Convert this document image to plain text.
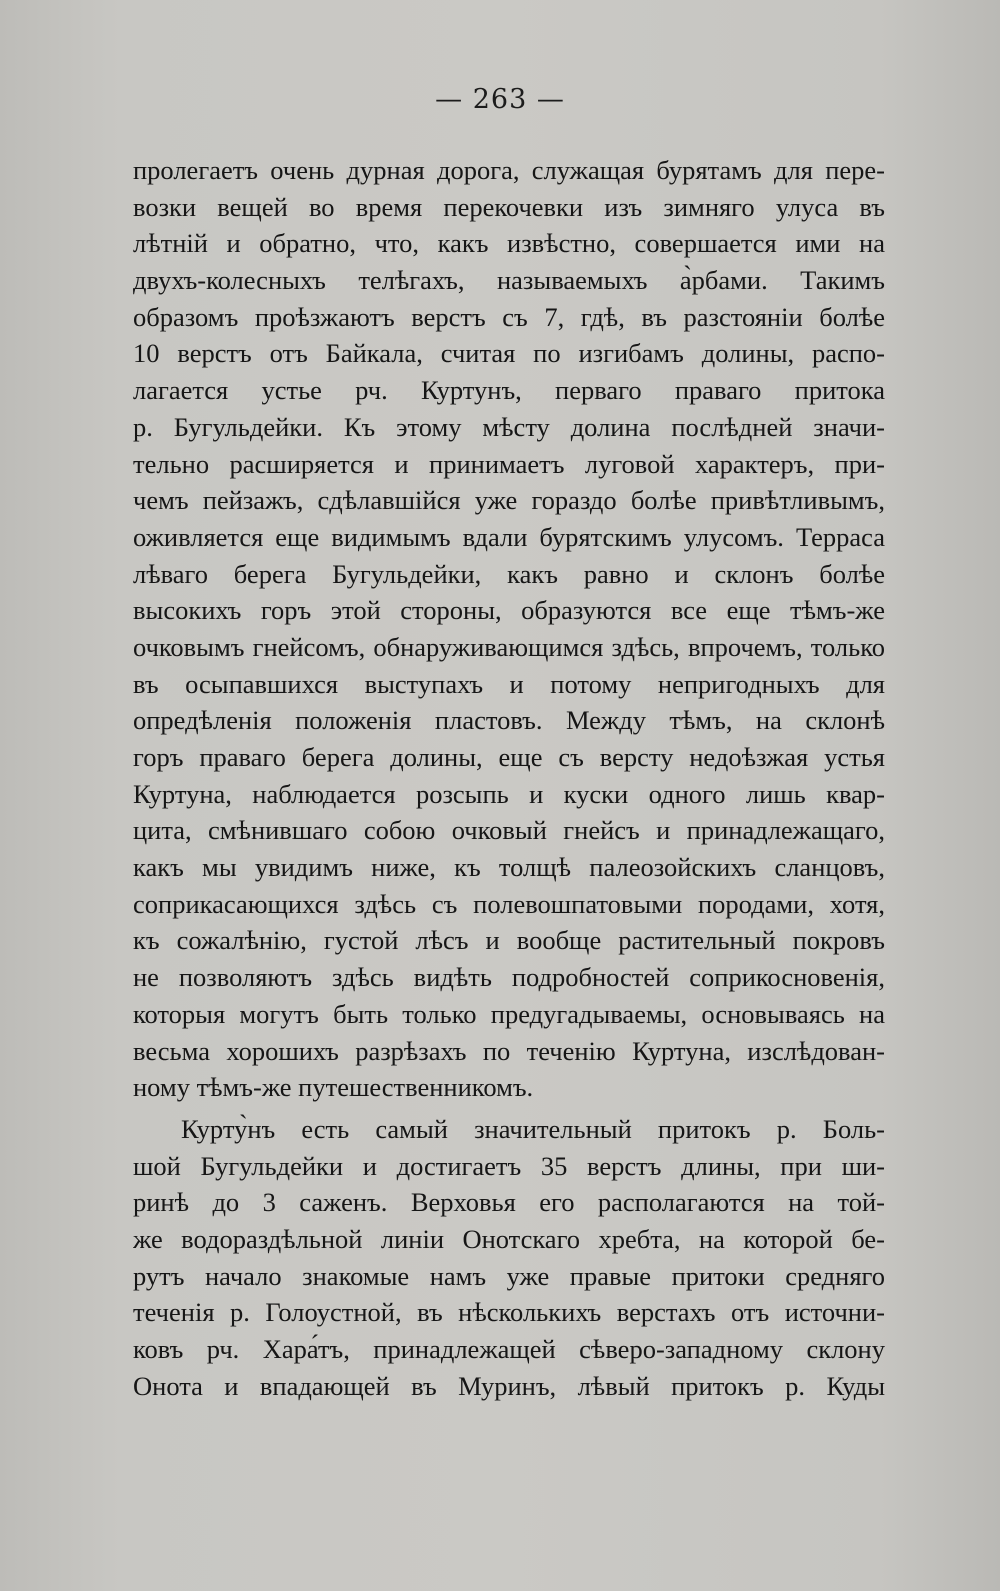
— 263 —
пролегаетъ очень дурная дорога, служащая бурятамъ для пере-
возки вещей во время перекочевки изъ зимняго улуса въ
лѣтній и обратно, что, какъ извѣстно, совершается ими на
двухъ-колесныхъ телѣгахъ, называемыхъ а̀рбами. Такимъ
образомъ проѣзжаютъ верстъ съ 7, гдѣ, въ разстояніи болѣе
10 верстъ отъ Байкала, считая по изгибамъ долины, распо-
лагается устье рч. Куртунъ, перваго праваго притока
р. Бугульдейки. Къ этому мѣсту долина послѣдней значи-
тельно расширяется и принимаетъ луговой характеръ, при-
чемъ пейзажъ, сдѣлавшійся уже гораздо болѣе привѣтливымъ,
оживляется еще видимымъ вдали бурятскимъ улусомъ. Терраса
лѣваго берега Бугульдейки, какъ равно и склонъ болѣе
высокихъ горъ этой стороны, образуются все еще тѣмъ-же
очковымъ гнейсомъ, обнаруживающимся здѣсь, впрочемъ, только
въ осыпавшихся выступахъ и потому непригодныхъ для
опредѣленія положенія пластовъ. Между тѣмъ, на склонѣ
горъ праваго берега долины, еще съ версту недоѣзжая устья
Куртуна, наблюдается розсыпь и куски одного лишь квар-
цита, смѣнившаго собою очковый гнейсъ и принадлежащаго,
какъ мы увидимъ ниже, къ толщѣ палеозойскихъ сланцовъ,
соприкасающихся здѣсь съ полевошпатовыми породами, хотя,
къ сожалѣнію, густой лѣсъ и вообще растительный покровъ
не позволяютъ здѣсь видѣть подробностей соприкосновенія,
которыя могутъ быть только предугадываемы, основываясь на
весьма хорошихъ разрѣзахъ по теченію Куртуна, изслѣдован-
ному тѣмъ-же путешественникомъ.
Курту̀нъ есть самый значительный притокъ р. Боль-
шой Бугульдейки и достигаетъ 35 верстъ длины, при ши-
ринѣ до 3 саженъ. Верховья его располагаются на той-
же водораздѣльной линіи Онотскаго хребта, на которой бе-
рутъ начало знакомые намъ уже правые притоки средняго
теченія р. Голоустной, въ нѣсколькихъ верстахъ отъ источни-
ковъ рч. Хара́тъ, принадлежащей сѣверо-западному склону
Онота и впадающей въ Муринъ, лѣвый притокъ р. Куды
